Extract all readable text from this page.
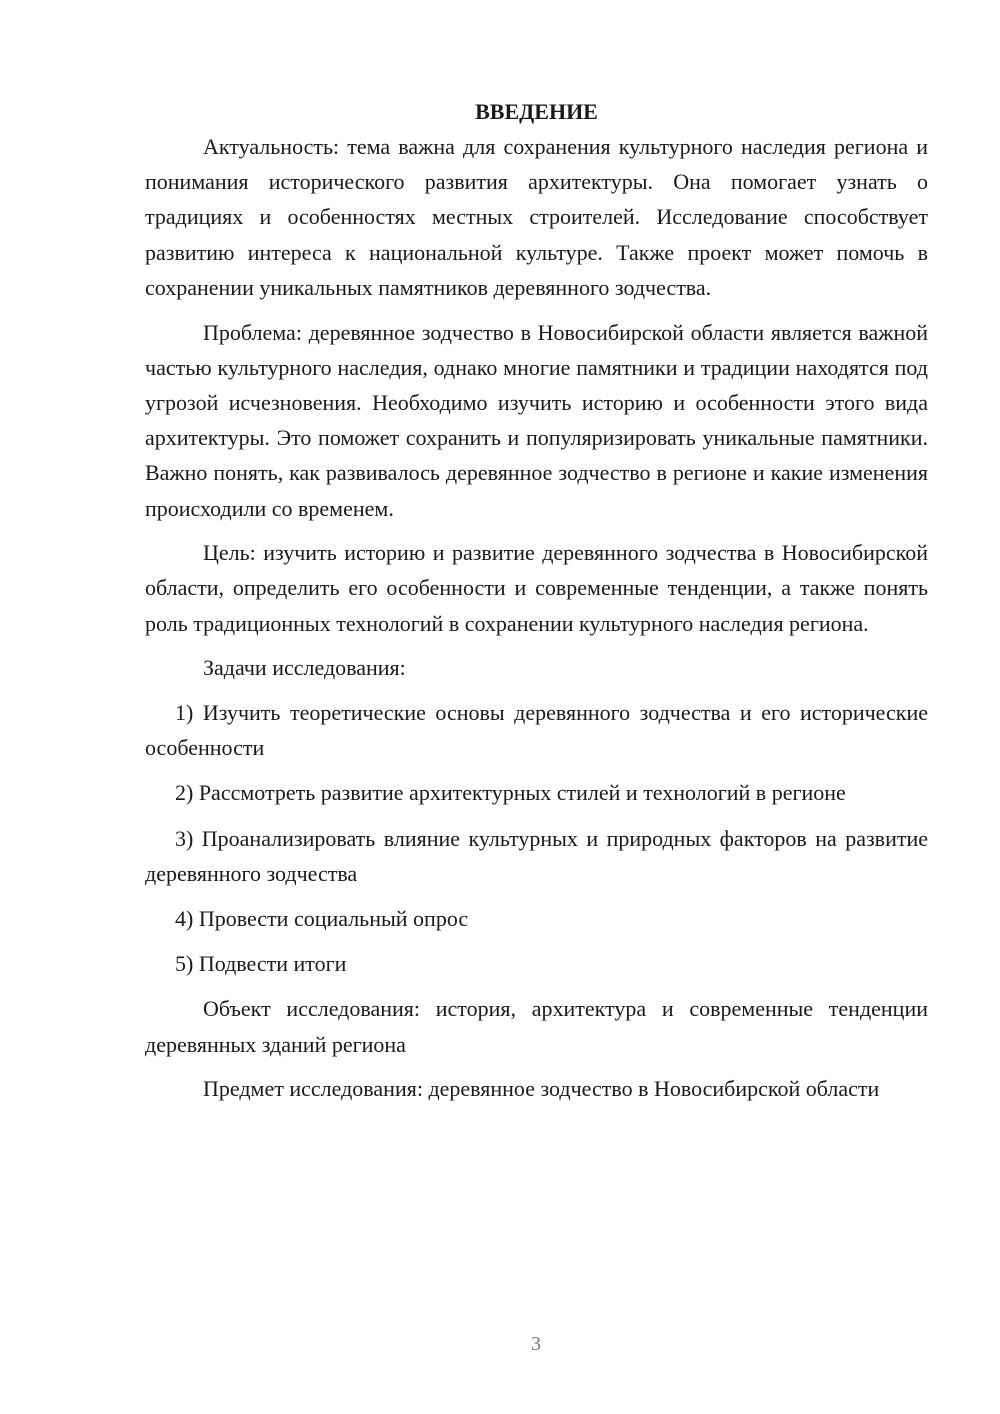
ВВЕДЕНИЕ

Актуальность: тема важна для сохранения культурного наследия региона и понимания исторического развития архитектуры. Она помогает узнать о традициях и особенностях местных строителей. Исследование способствует развитию интереса к национальной культуре. Также проект может помочь в сохранении уникальных памятников деревянного зодчества.

Проблема: деревянное зодчество в Новосибирской области является важной частью культурного наследия, однако многие памятники и традиции находятся под угрозой исчезновения. Необходимо изучить историю и особенности этого вида архитектуры. Это поможет сохранить и популяризировать уникальные памятники. Важно понять, как развивалось деревянное зодчество в регионе и какие изменения происходили со временем.

Цель: изучить историю и развитие деревянного зодчества в Новосибирской области, определить его особенности и современные тенденции, а также понять роль традиционных технологий в сохранении культурного наследия региона.

Задачи исследования:

1) Изучить теоретические основы деревянного зодчества и его исторические особенности

2) Рассмотреть развитие архитектурных стилей и технологий в регионе

3) Проанализировать влияние культурных и природных факторов на развитие деревянного зодчества

4) Провести социальный опрос

5) Подвести итоги

Объект исследования: история, архитектура и современные тенденции деревянных зданий региона

Предмет исследования: деревянное зодчество в Новосибирской области

3
